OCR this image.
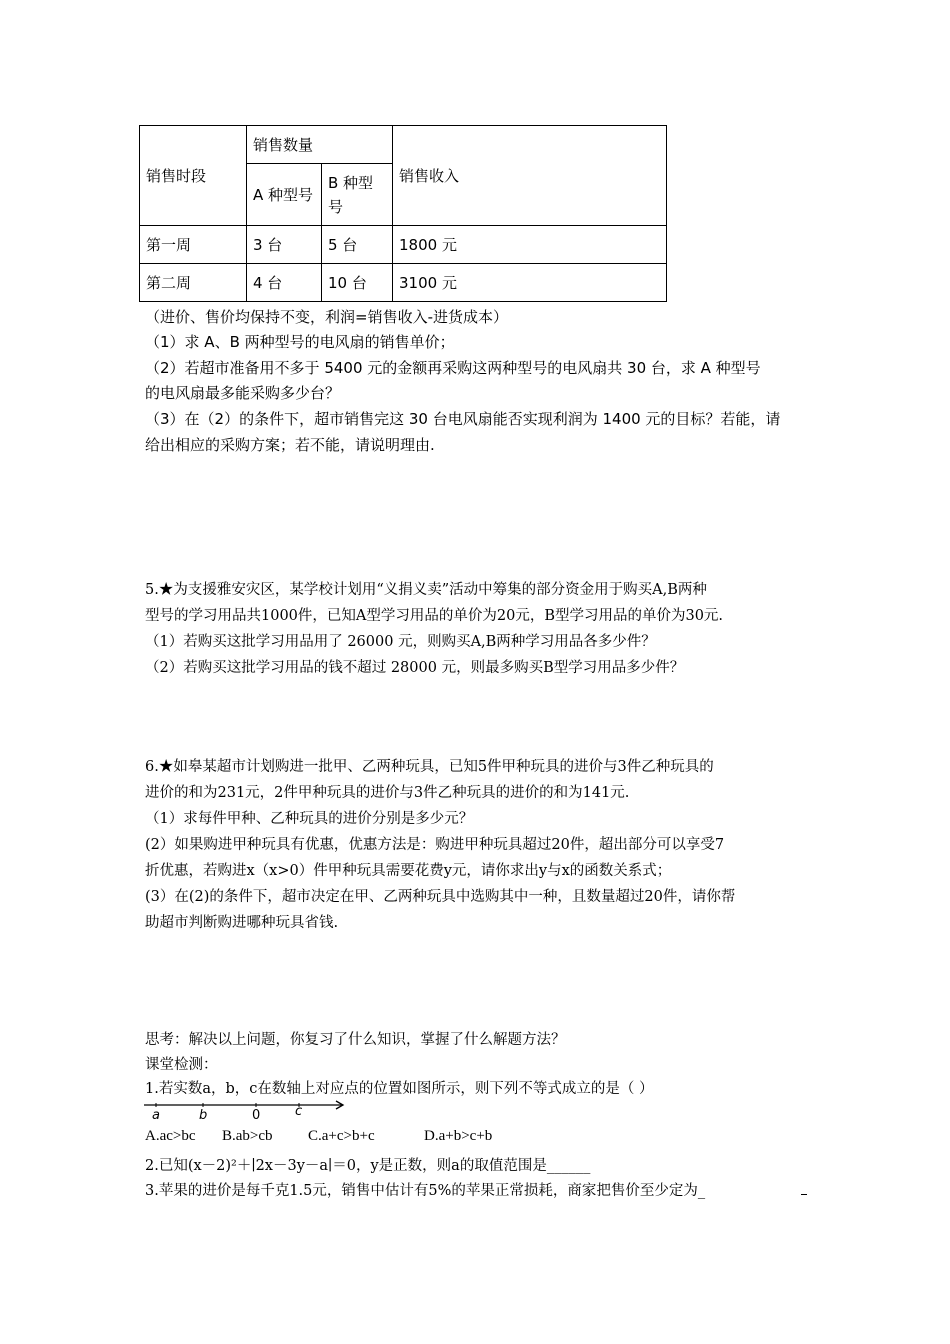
销售时段	销售数量		销售收入
	A 种型号	B 种型号	
第一周	3 台	5 台	1800 元
第二周	4 台	10 台	3100 元
（进价、售价均保持不变，利润=销售收入-进货成本）
（1）求 A、B 两种型号的电风扇的销售单价；
（2）若超市准备用不多于 5400 元的金额再采购这两种型号的电风扇共 30 台，求 A 种型号
的电风扇最多能采购多少台？
（3）在（2）的条件下，超市销售完这 30 台电风扇能否实现利润为 1400 元的目标？若能，请
给出相应的采购方案；若不能，请说明理由.
5.★为支援雅安灾区，某学校计划用“义捐义卖”活动中筹集的部分资金用于购买A,B两种
型号的学习用品共1000件，已知A型学习用品的单价为20元，B型学习用品的单价为30元.
（1）若购买这批学习用品用了 26000 元，则购买A,B两种学习用品各多少件？
（2）若购买这批学习用品的钱不超过 28000 元，则最多购买B型学习用品多少件？
6.★如皋某超市计划购进一批甲、乙两种玩具，已知5件甲种玩具的进价与3件乙种玩具的
进价的和为231元，2件甲种玩具的进价与3件乙种玩具的进价的和为141元.
（1）求每件甲种、乙种玩具的进价分别是多少元？
(2）如果购进甲种玩具有优惠，优惠方法是：购进甲种玩具超过20件，超出部分可以享受7
折优惠，若购进x（x>0）件甲种玩具需要花费y元，请你求出y与x的函数关系式；
(3）在(2)的条件下，超市决定在甲、乙两种玩具中选购其中一种，且数量超过20件，请你帮
助超市判断购进哪种玩具省钱.
思考：解决以上问题，你复习了什么知识，掌握了什么解题方法？
课堂检测：
1.若实数a，b，c在数轴上对应点的位置如图所示，则下列不等式成立的是（ ）
a	b	0	c
A.ac>bc B.ab>cb C.a+c>b+c	D.a+b>c+b
2.已知(x－2)²＋∣2x－3y－a∣＝0，y是正数，则a的取值范围是______
3.苹果的进价是每千克1.5元，销售中估计有5%的苹果正常损耗，商家把售价至少定为_
